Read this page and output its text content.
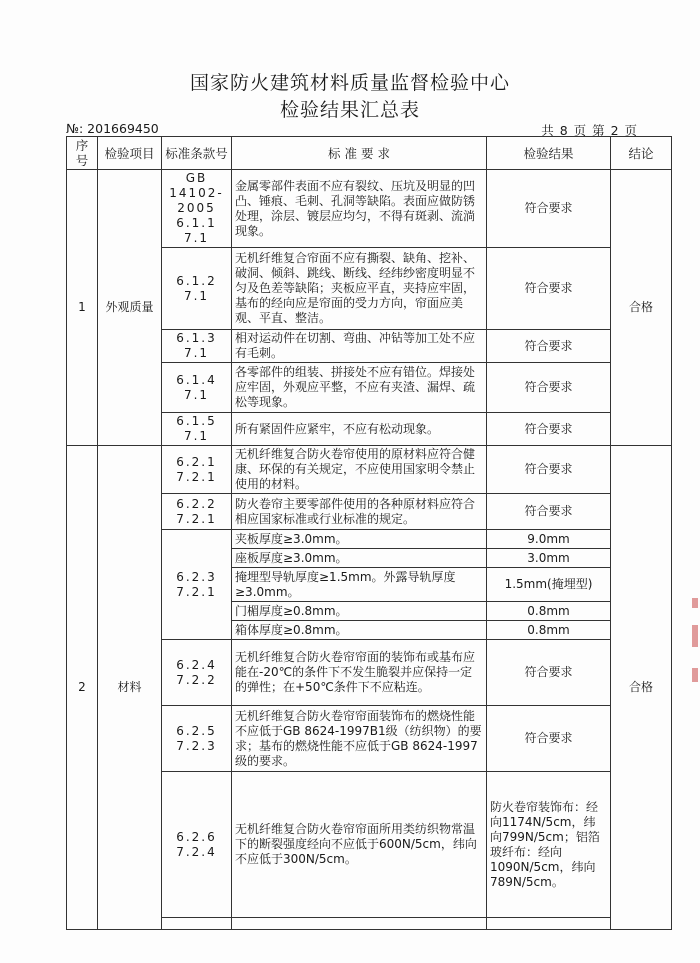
国家防火建筑材料质量监督检验中心
检验结果汇总表
№: 201669450	共 8 页 第 2 页
序号	检验项目	标准条款号	标 准 要 求	检验结果	结论
1	外观质量	GB 14102-2005 6.1.1 7.1	金属零部件表面不应有裂纹、压坑及明显的凹凸、锤痕、毛刺、孔洞等缺陷。表面应做防锈处理，涂层、镀层应均匀，不得有斑剥、流淌现象。	符合要求	合格
		6.1.2 7.1	无机纤维复合帘面不应有撕裂、缺角、挖补、破洞、倾斜、跳线、断线、经纬纱密度明显不匀及色差等缺陷；夹板应平直，夹持应牢固，基布的经向应是帘面的受力方向，帘面应美观、平直、整洁。	符合要求	
		6.1.3 7.1	相对运动件在切割、弯曲、冲钻等加工处不应有毛刺。	符合要求	
		6.1.4 7.1	各零部件的组装、拼接处不应有错位。焊接处应牢固，外观应平整，不应有夹渣、漏焊、疏松等现象。	符合要求	
		6.1.5 7.1	所有紧固件应紧牢，不应有松动现象。	符合要求	
2	材料	6.2.1 7.2.1	无机纤维复合防火卷帘使用的原材料应符合健康、环保的有关规定，不应使用国家明令禁止使用的材料。	符合要求	合格
		6.2.2 7.2.1	防火卷帘主要零部件使用的各种原材料应符合相应国家标准或行业标准的规定。	符合要求	
		6.2.3 7.2.1	夹板厚度≥3.0mm。	9.0mm	
			座板厚度≥3.0mm。	3.0mm	
			掩埋型导轨厚度≥1.5mm。外露导轨厚度≥3.0mm。	1.5mm(掩埋型)	
			门楣厚度≥0.8mm。	0.8mm	
			箱体厚度≥0.8mm。	0.8mm	
		6.2.4 7.2.2	无机纤维复合防火卷帘帘面的装饰布或基布应能在-20℃的条件下不发生脆裂并应保持一定的弹性；在+50℃条件下不应粘连。	符合要求	
		6.2.5 7.2.3	无机纤维复合防火卷帘帘面装饰布的燃烧性能不应低于GB 8624-1997B1级（纺织物）的要求；基布的燃烧性能不应低于GB 8624-1997级的要求。	符合要求	
		6.2.6 7.2.4	无机纤维复合防火卷帘帘面所用类纺织物常温下的断裂强度经向不应低于600N/5cm，纬向不应低于300N/5cm。	防火卷帘装饰布：经向1174N/5cm，纬向799N/5cm；铝箔玻纤布：经向1090N/5cm，纬向789N/5cm。	
